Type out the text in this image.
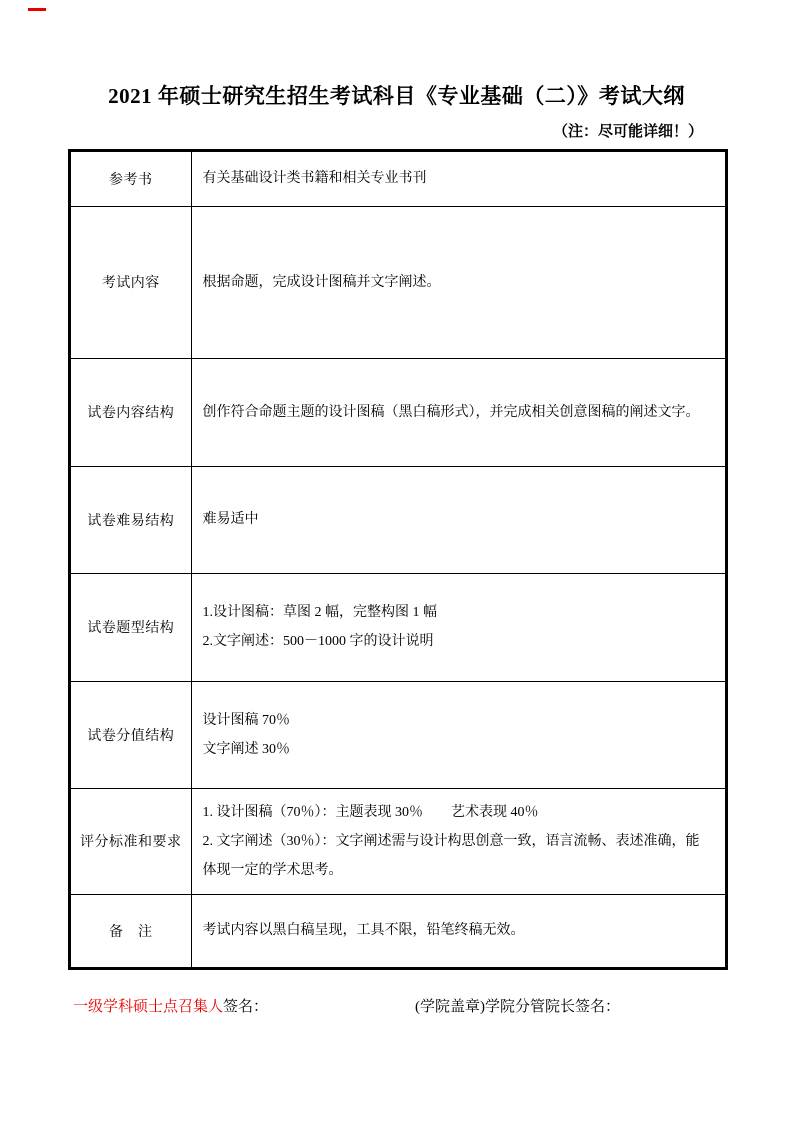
2021 年硕士研究生招生考试科目《专业基础（二）》考试大纲
（注：尽可能详细！）
参考书	有关基础设计类书籍和相关专业书刊

考试内容	根据命题，完成设计图稿并文字阐述。

试卷内容结构	创作符合命题主题的设计图稿（黑白稿形式），并完成相关创意图稿的阐述文字。

试卷难易结构	难易适中

试卷题型结构	1.设计图稿：草图 2 幅，完整构图 1 幅
2.文字阐述：500－1000 字的设计说明

试卷分值结构	设计图稿 70％
文字阐述 30％

评分标准和要求	1. 设计图稿（70％）：主题表现 30％　　艺术表现 40％
2. 文字阐述（30％）：文字阐述需与设计构思创意一致，语言流畅、表述准确，能体现一定的学术思考。

备　注	考试内容以黑白稿呈现，工具不限，铅笔终稿无效。
一级学科硕士点召集人签名：	(学院盖章)学院分管院长签名：
